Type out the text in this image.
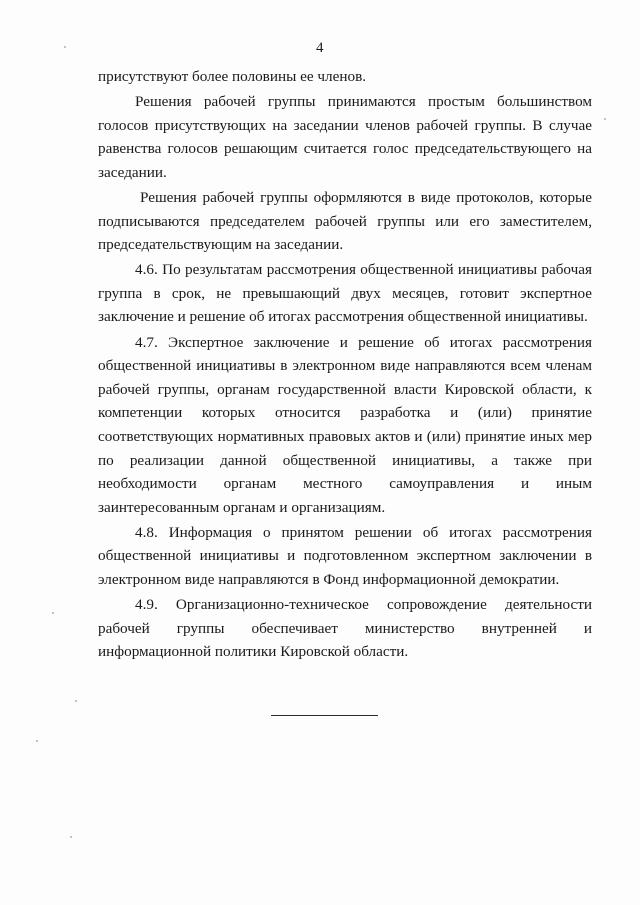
4

присутствуют более половины ее членов.

Решения рабочей группы принимаются простым большинством голосов присутствующих на заседании членов рабочей группы. В случае равенства голосов решающим считается голос председательствующего на заседании.

Решения рабочей группы оформляются в виде протоколов, которые подписываются председателем рабочей группы или его заместителем, председательствующим на заседании.

4.6. По результатам рассмотрения общественной инициативы рабочая группа в срок, не превышающий двух месяцев, готовит экспертное заключение и решение об итогах рассмотрения общественной инициативы.

4.7. Экспертное заключение и решение об итогах рассмотрения общественной инициативы в электронном виде направляются всем членам рабочей группы, органам государственной власти Кировской области, к компетенции которых относится разработка и (или) принятие соответствующих нормативных правовых актов и (или) принятие иных мер по реализации данной общественной инициативы, а также при необходимости органам местного самоуправления и иным заинтересованным органам и организациям.

4.8. Информация о принятом решении об итогах рассмотрения общественной инициативы и подготовленном экспертном заключении в электронном виде направляются в Фонд информационной демократии.

4.9. Организационно-техническое сопровождение деятельности рабочей группы обеспечивает министерство внутренней и информационной политики Кировской области.
